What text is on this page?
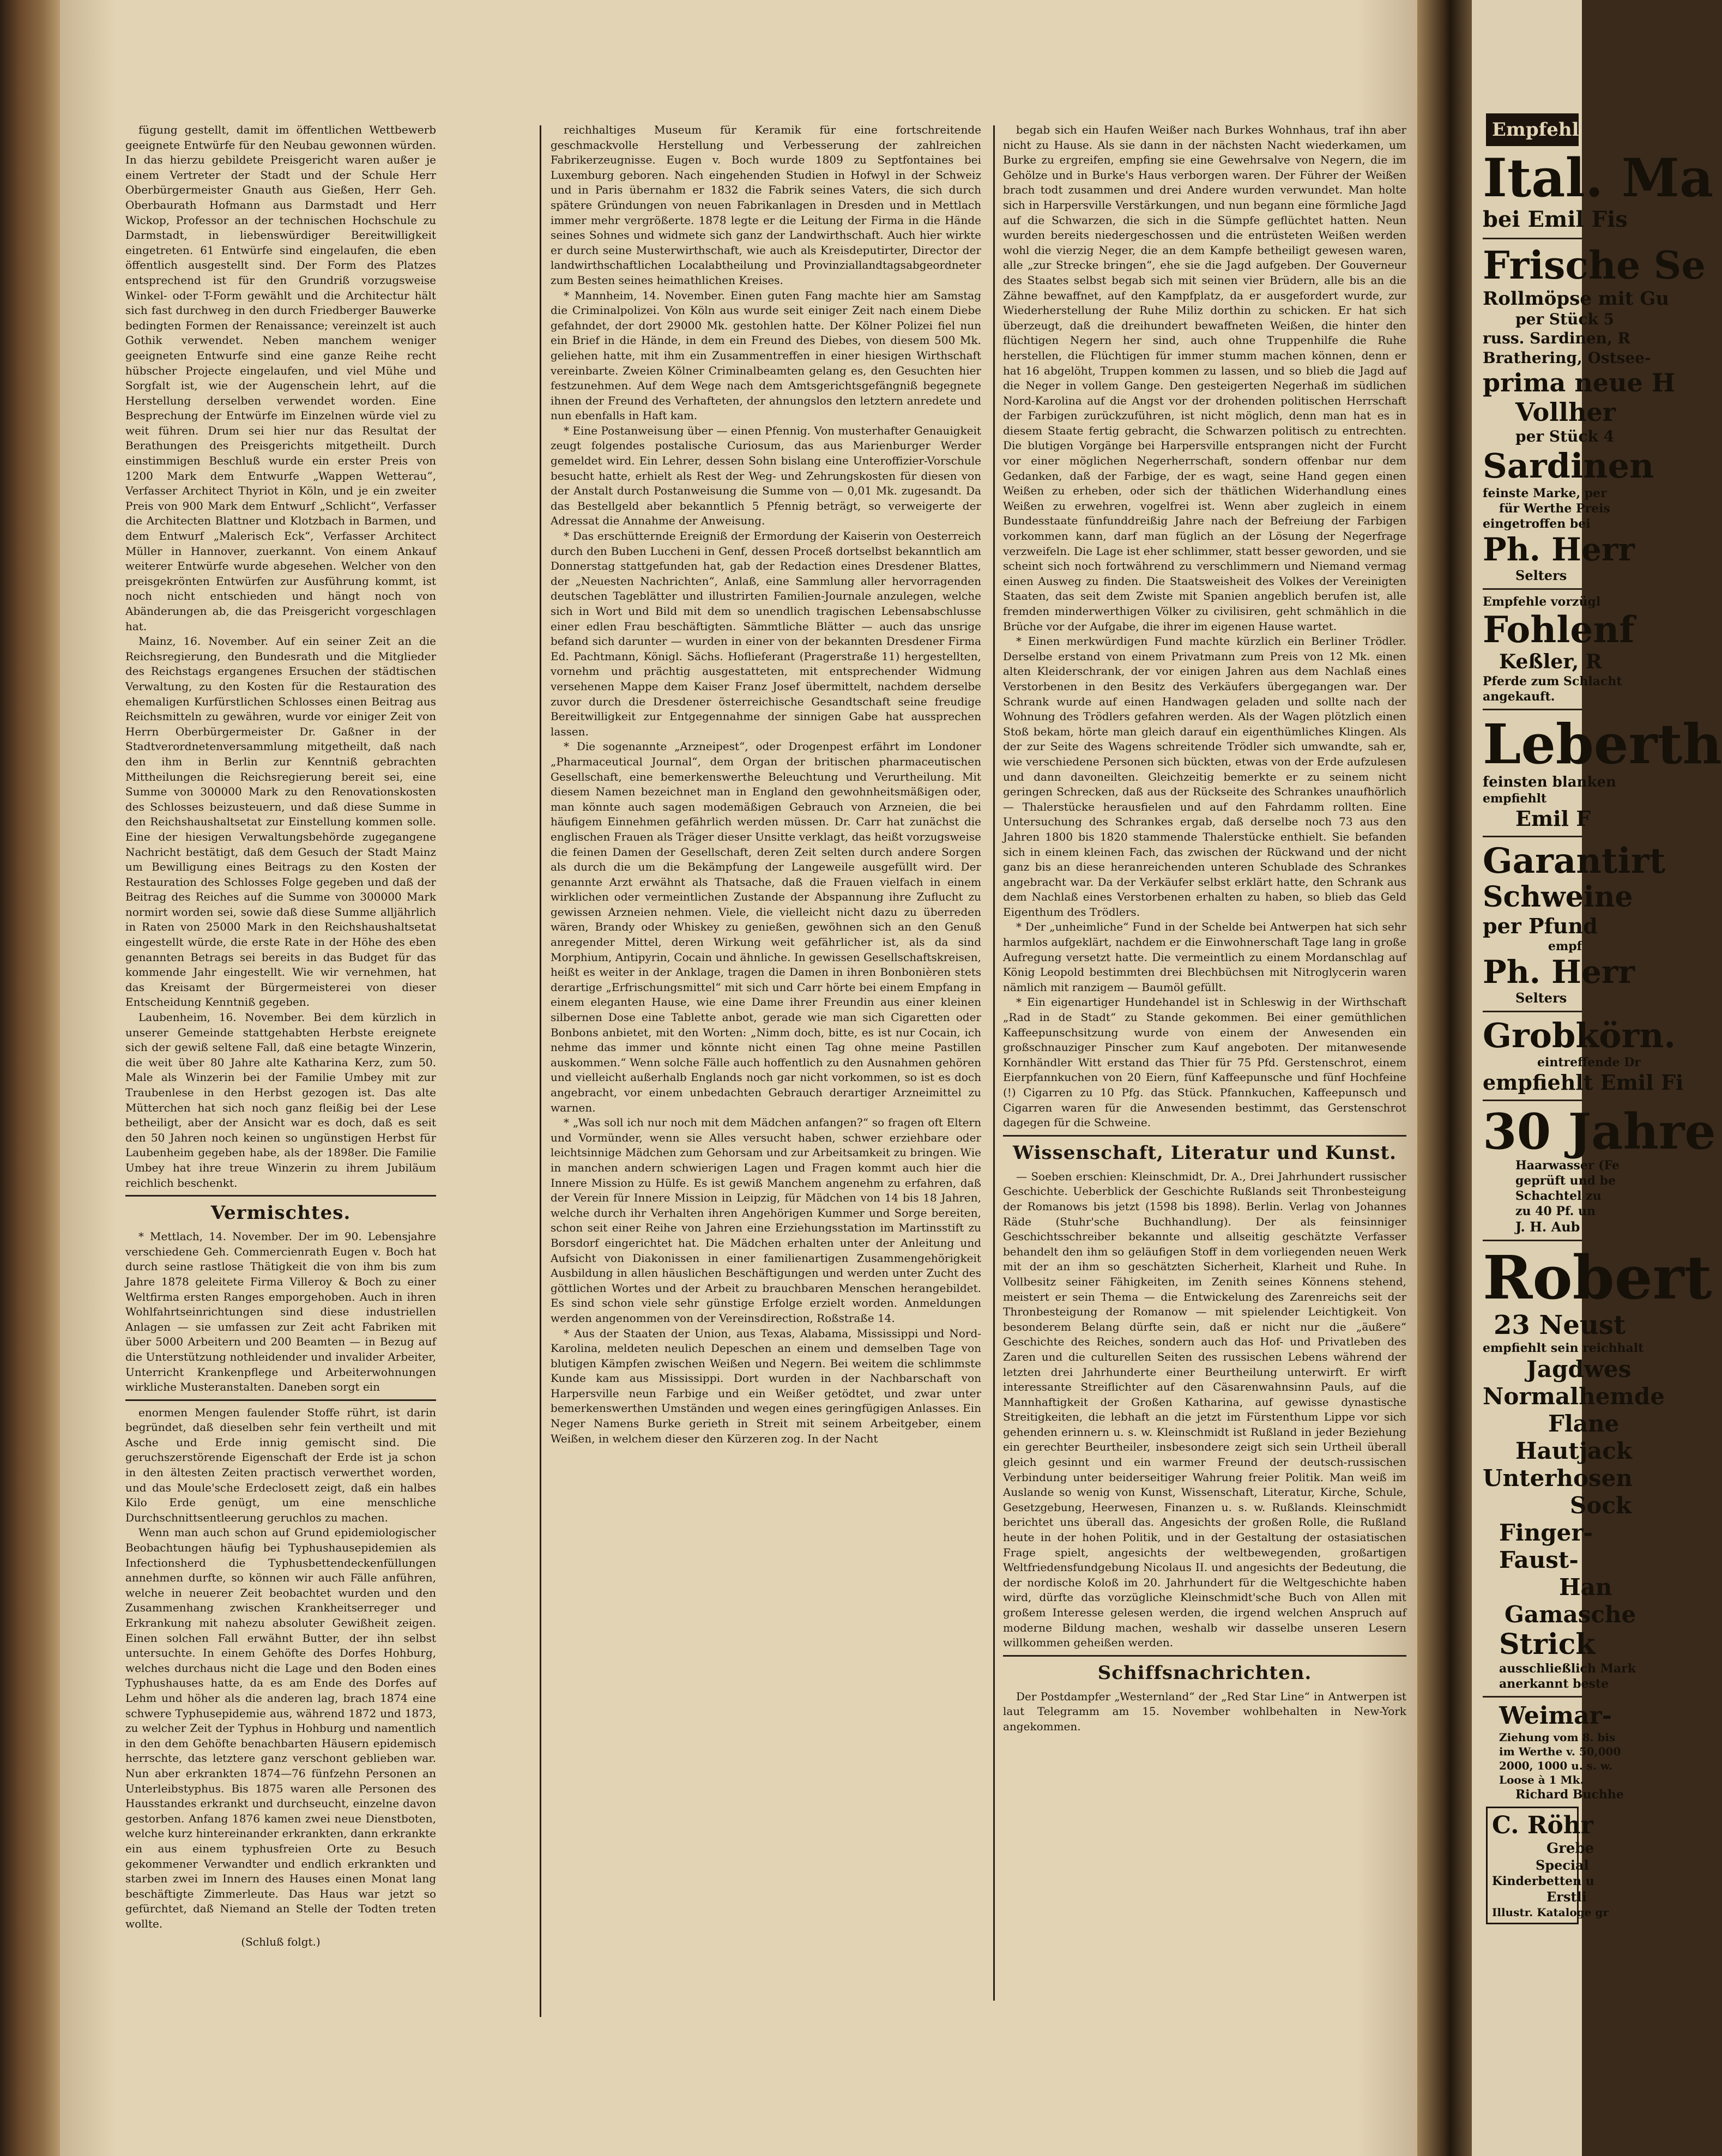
fügung gestellt, damit im öffentlichen Wettbewerb geeignete Entwürfe für den Neubau gewonnen würden. In das hierzu gebildete Preisgericht waren außer je einem Vertreter der Stadt und der Schule Herr Oberbürgermeister Gnauth aus Gießen, Herr Geh. Oberbaurath Hofmann aus Darmstadt und Herr Wickop, Professor an der technischen Hochschule zu Darmstadt, in liebenswürdiger Bereitwilligkeit eingetreten. 61 Entwürfe sind eingelaufen, die eben öffentlich ausgestellt sind. Der Form des Platzes entsprechend ist für den Grundriß vorzugsweise Winkel- oder T-Form gewählt und die Architectur hält sich fast durchweg in den durch Friedberger Bauwerke bedingten Formen der Renaissance; vereinzelt ist auch Gothik verwendet. Neben manchem weniger geeigneten Entwurfe sind eine ganze Reihe recht hübscher Projecte eingelaufen, und viel Mühe und Sorgfalt ist, wie der Augenschein lehrt, auf die Herstellung derselben verwendet worden. Eine Besprechung der Entwürfe im Einzelnen würde viel zu weit führen. Drum sei hier nur das Resultat der Berathungen des Preisgerichts mitgetheilt. Durch einstimmigen Beschluß wurde ein erster Preis von 1200 Mark dem Entwurfe „Wappen Wetterau“, Verfasser Architect Thyriot in Köln, und je ein zweiter Preis von 900 Mark dem Entwurf „Schlicht“, Verfasser die Architecten Blattner und Klotzbach in Barmen, und dem Entwurf „Malerisch Eck“, Verfasser Architect Müller in Hannover, zuerkannt. Von einem Ankauf weiterer Entwürfe wurde abgesehen. Welcher von den preisgekrönten Entwürfen zur Ausführung kommt, ist noch nicht entschieden und hängt noch von Abänderungen ab, die das Preisgericht vorgeschlagen hat.

Mainz, 16. November. Auf ein seiner Zeit an die Reichsregierung, den Bundesrath und die Mitglieder des Reichstags ergangenes Ersuchen der städtischen Verwaltung, zu den Kosten für die Restauration des ehemaligen Kurfürstlichen Schlosses einen Beitrag aus Reichsmitteln zu gewähren, wurde vor einiger Zeit von Herrn Oberbürgermeister Dr. Gaßner in der Stadtverordnetenversammlung mitgetheilt, daß nach den ihm in Berlin zur Kenntniß gebrachten Mittheilungen die Reichsregierung bereit sei, eine Summe von 300000 Mark zu den Renovationskosten des Schlosses beizusteuern, und daß diese Summe in den Reichshaushaltsetat zur Einstellung kommen solle. Eine der hiesigen Verwaltungsbehörde zugegangene Nachricht bestätigt, daß dem Gesuch der Stadt Mainz um Bewilligung eines Beitrags zu den Kosten der Restauration des Schlosses Folge gegeben und daß der Beitrag des Reiches auf die Summe von 300000 Mark normirt worden sei, sowie daß diese Summe alljährlich in Raten von 25000 Mark in den Reichshaushaltsetat eingestellt würde, die erste Rate in der Höhe des eben genannten Betrags sei bereits in das Budget für das kommende Jahr eingestellt. Wie wir vernehmen, hat das Kreisamt der Bürgermeisterei von dieser Entscheidung Kenntniß gegeben.

Laubenheim, 16. November. Bei dem kürzlich in unserer Gemeinde stattgehabten Herbste ereignete sich der gewiß seltene Fall, daß eine betagte Winzerin, die weit über 80 Jahre alte Katharina Kerz, zum 50. Male als Winzerin bei der Familie Umbey mit zur Traubenlese in den Herbst gezogen ist. Das alte Mütterchen hat sich noch ganz fleißig bei der Lese betheiligt, aber der Ansicht war es doch, daß es seit den 50 Jahren noch keinen so ungünstigen Herbst für Laubenheim gegeben habe, als der 1898er. Die Familie Umbey hat ihre treue Winzerin zu ihrem Jubiläum reichlich beschenkt.

Vermischtes.

* Mettlach, 14. November. Der im 90. Lebensjahre verschiedene Geh. Commercienrath Eugen v. Boch hat durch seine rastlose Thätigkeit die von ihm bis zum Jahre 1878 geleitete Firma Villeroy & Boch zu einer Weltfirma ersten Ranges emporgehoben. Auch in ihren Wohlfahrtseinrichtungen sind diese industriellen Anlagen — sie umfassen zur Zeit acht Fabriken mit über 5000 Arbeitern und 200 Beamten — in Bezug auf die Unterstützung nothleidender und invalider Arbeiter, Unterricht Krankenpflege und Arbeiterwohnungen wirkliche Musteranstalten. Daneben sorgt ein

enormen Mengen faulender Stoffe rührt, ist darin begründet, daß dieselben sehr fein vertheilt und mit Asche und Erde innig gemischt sind. Die geruchszerstörende Eigenschaft der Erde ist ja schon in den ältesten Zeiten practisch verwerthet worden, und das Moule'sche Erdeclosett zeigt, daß ein halbes Kilo Erde genügt, um eine menschliche Durchschnittsentleerung geruchlos zu machen.

Wenn man auch schon auf Grund epidemiologischer Beobachtungen häufig bei Typhushausepidemien als Infectionsherd die Typhusbettendeckenfüllungen annehmen durfte, so können wir auch Fälle anführen, welche in neuerer Zeit beobachtet wurden und den Zusammenhang zwischen Krankheitserreger und Erkrankung mit nahezu absoluter Gewißheit zeigen. Einen solchen Fall erwähnt Butter, der ihn selbst untersuchte. In einem Gehöfte des Dorfes Hohburg, welches durchaus nicht die Lage und den Boden eines Typhushauses hatte, da es am Ende des Dorfes auf Lehm und höher als die anderen lag, brach 1874 eine schwere Typhusepidemie aus, während 1872 und 1873, zu welcher Zeit der Typhus in Hohburg und namentlich in den dem Gehöfte benachbarten Häusern epidemisch herrschte, das letztere ganz verschont geblieben war. Nun aber erkrankten 1874—76 fünfzehn Personen an Unterleibstyphus. Bis 1875 waren alle Personen des Hausstandes erkrankt und durchseucht, einzelne davon gestorben. Anfang 1876 kamen zwei neue Dienstboten, welche kurz hintereinander erkrankten, dann erkrankte ein aus einem typhusfreien Orte zu Besuch gekommener Verwandter und endlich erkrankten und starben zwei im Innern des Hauses einen Monat lang beschäftigte Zimmerleute. Das Haus war jetzt so gefürchtet, daß Niemand an Stelle der Todten treten wollte.

(Schluß folgt.)

reichhaltiges Museum für Keramik für eine fortschreitende geschmackvolle Herstellung und Verbesserung der zahlreichen Fabrikerzeugnisse. Eugen v. Boch wurde 1809 zu Septfontaines bei Luxemburg geboren. Nach eingehenden Studien in Hofwyl in der Schweiz und in Paris übernahm er 1832 die Fabrik seines Vaters, die sich durch spätere Gründungen von neuen Fabrikanlagen in Dresden und in Mettlach immer mehr vergrößerte. 1878 legte er die Leitung der Firma in die Hände seines Sohnes und widmete sich ganz der Landwirthschaft. Auch hier wirkte er durch seine Musterwirthschaft, wie auch als Kreisdeputirter, Director der landwirthschaftlichen Localabtheilung und Provinziallandtagsabgeordneter zum Besten seines heimathlichen Kreises.

* Mannheim, 14. November. Einen guten Fang machte hier am Samstag die Criminalpolizei. Von Köln aus wurde seit einiger Zeit nach einem Diebe gefahndet, der dort 29000 Mk. gestohlen hatte. Der Kölner Polizei fiel nun ein Brief in die Hände, in dem ein Freund des Diebes, von diesem 500 Mk. geliehen hatte, mit ihm ein Zusammentreffen in einer hiesigen Wirthschaft vereinbarte. Zweien Kölner Criminalbeamten gelang es, den Gesuchten hier festzunehmen. Auf dem Wege nach dem Amtsgerichtsgefängniß begegnete ihnen der Freund des Verhafteten, der ahnungslos den letztern anredete und nun ebenfalls in Haft kam.

* Eine Postanweisung über — einen Pfennig. Von musterhafter Genauigkeit zeugt folgendes postalische Curiosum, das aus Marienburger Werder gemeldet wird. Ein Lehrer, dessen Sohn bislang eine Unteroffizier-Vorschule besucht hatte, erhielt als Rest der Weg- und Zehrungskosten für diesen von der Anstalt durch Postanweisung die Summe von — 0,01 Mk. zugesandt. Da das Bestellgeld aber bekanntlich 5 Pfennig beträgt, so verweigerte der Adressat die Annahme der Anweisung.

* Das erschütternde Ereigniß der Ermordung der Kaiserin von Oesterreich durch den Buben Luccheni in Genf, dessen Proceß dortselbst bekanntlich am Donnerstag stattgefunden hat, gab der Redaction eines Dresdener Blattes, der „Neuesten Nachrichten“, Anlaß, eine Sammlung aller hervorragenden deutschen Tageblätter und illustrirten Familien-Journale anzulegen, welche sich in Wort und Bild mit dem so unendlich tragischen Lebensabschlusse einer edlen Frau beschäftigten. Sämmtliche Blätter — auch das unsrige befand sich darunter — wurden in einer von der bekannten Dresdener Firma Ed. Pachtmann, Königl. Sächs. Hoflieferant (Pragerstraße 11) hergestellten, vornehm und prächtig ausgestatteten, mit entsprechender Widmung versehenen Mappe dem Kaiser Franz Josef übermittelt, nachdem derselbe zuvor durch die Dresdener österreichische Gesandtschaft seine freudige Bereitwilligkeit zur Entgegennahme der sinnigen Gabe hat aussprechen lassen.

* Die sogenannte „Arzneipest“, oder Drogenpest erfährt im Londoner „Pharmaceutical Journal“, dem Organ der britischen pharmaceutischen Gesellschaft, eine bemerkenswerthe Beleuchtung und Verurtheilung. Mit diesem Namen bezeichnet man in England den gewohnheitsmäßigen oder, man könnte auch sagen modemäßigen Gebrauch von Arzneien, die bei häufigem Einnehmen gefährlich werden müssen. Dr. Carr hat zunächst die englischen Frauen als Träger dieser Unsitte verklagt, das heißt vorzugsweise die feinen Damen der Gesellschaft, deren Zeit selten durch andere Sorgen als durch die um die Bekämpfung der Langeweile ausgefüllt wird. Der genannte Arzt erwähnt als Thatsache, daß die Frauen vielfach in einem wirklichen oder vermeintlichen Zustande der Abspannung ihre Zuflucht zu gewissen Arzneien nehmen. Viele, die vielleicht nicht dazu zu überreden wären, Brandy oder Whiskey zu genießen, gewöhnen sich an den Genuß anregender Mittel, deren Wirkung weit gefährlicher ist, als da sind Morphium, Antipyrin, Cocain und ähnliche. In gewissen Gesellschaftskreisen, heißt es weiter in der Anklage, tragen die Damen in ihren Bonbonièren stets derartige „Erfrischungsmittel“ mit sich und Carr hörte bei einem Empfang in einem eleganten Hause, wie eine Dame ihrer Freundin aus einer kleinen silbernen Dose eine Tablette anbot, gerade wie man sich Cigaretten oder Bonbons anbietet, mit den Worten: „Nimm doch, bitte, es ist nur Cocain, ich nehme das immer und könnte nicht einen Tag ohne meine Pastillen auskommen.“ Wenn solche Fälle auch hoffentlich zu den Ausnahmen gehören und vielleicht außerhalb Englands noch gar nicht vorkommen, so ist es doch angebracht, vor einem unbedachten Gebrauch derartiger Arzneimittel zu warnen.

* „Was soll ich nur noch mit dem Mädchen anfangen?“ so fragen oft Eltern und Vormünder, wenn sie Alles versucht haben, schwer erziehbare oder leichtsinnige Mädchen zum Gehorsam und zur Arbeitsamkeit zu bringen. Wie in manchen andern schwierigen Lagen und Fragen kommt auch hier die Innere Mission zu Hülfe. Es ist gewiß Manchem angenehm zu erfahren, daß der Verein für Innere Mission in Leipzig, für Mädchen von 14 bis 18 Jahren, welche durch ihr Verhalten ihren Angehörigen Kummer und Sorge bereiten, schon seit einer Reihe von Jahren eine Erziehungsstation im Martinsstift zu Borsdorf eingerichtet hat. Die Mädchen erhalten unter der Anleitung und Aufsicht von Diakonissen in einer familienartigen Zusammengehörigkeit Ausbildung in allen häuslichen Beschäftigungen und werden unter Zucht des göttlichen Wortes und der Arbeit zu brauchbaren Menschen herangebildet. Es sind schon viele sehr günstige Erfolge erzielt worden. Anmeldungen werden angenommen von der Vereinsdirection, Roßstraße 14.

* Aus der Staaten der Union, aus Texas, Alabama, Mississippi und Nord-Karolina, meldeten neulich Depeschen an einem und demselben Tage von blutigen Kämpfen zwischen Weißen und Negern. Bei weitem die schlimmste Kunde kam aus Mississippi. Dort wurden in der Nachbarschaft von Harpersville neun Farbige und ein Weißer getödtet, und zwar unter bemerkenswerthen Umständen und wegen eines geringfügigen Anlasses. Ein Neger Namens Burke gerieth in Streit mit seinem Arbeitgeber, einem Weißen, in welchem dieser den Kürzeren zog. In der Nacht

begab sich ein Haufen Weißer nach Burkes Wohnhaus, traf ihn aber nicht zu Hause. Als sie dann in der nächsten Nacht wiederkamen, um Burke zu ergreifen, empfing sie eine Gewehrsalve von Negern, die im Gehölze und in Burke's Haus verborgen waren. Der Führer der Weißen brach todt zusammen und drei Andere wurden verwundet. Man holte sich in Harpersville Verstärkungen, und nun begann eine förmliche Jagd auf die Schwarzen, die sich in die Sümpfe geflüchtet hatten. Neun wurden bereits niedergeschossen und die entrüsteten Weißen werden wohl die vierzig Neger, die an dem Kampfe betheiligt gewesen waren, alle „zur Strecke bringen“, ehe sie die Jagd aufgeben. Der Gouverneur des Staates selbst begab sich mit seinen vier Brüdern, alle bis an die Zähne bewaffnet, auf den Kampfplatz, da er ausgefordert wurde, zur Wiederherstellung der Ruhe Miliz dorthin zu schicken. Er hat sich überzeugt, daß die dreihundert bewaffneten Weißen, die hinter den flüchtigen Negern her sind, auch ohne Truppenhilfe die Ruhe herstellen, die Flüchtigen für immer stumm machen können, denn er hat 16 abgelöht, Truppen kommen zu lassen, und so blieb die Jagd auf die Neger in vollem Gange. Den gesteigerten Negerhaß im südlichen Nord-Karolina auf die Angst vor der drohenden politischen Herrschaft der Farbigen zurückzuführen, ist nicht möglich, denn man hat es in diesem Staate fertig gebracht, die Schwarzen politisch zu entrechten. Die blutigen Vorgänge bei Harpersville entsprangen nicht der Furcht vor einer möglichen Negerherrschaft, sondern offenbar nur dem Gedanken, daß der Farbige, der es wagt, seine Hand gegen einen Weißen zu erheben, oder sich der thätlichen Widerhandlung eines Weißen zu erwehren, vogelfrei ist. Wenn aber zugleich in einem Bundesstaate fünfunddreißig Jahre nach der Befreiung der Farbigen vorkommen kann, darf man füglich an der Lösung der Negerfrage verzweifeln. Die Lage ist eher schlimmer, statt besser geworden, und sie scheint sich noch fortwährend zu verschlimmern und Niemand vermag einen Ausweg zu finden. Die Staatsweisheit des Volkes der Vereinigten Staaten, das seit dem Zwiste mit Spanien angeblich berufen ist, alle fremden minderwerthigen Völker zu civilisiren, geht schmählich in die Brüche vor der Aufgabe, die ihrer im eigenen Hause wartet.

* Einen merkwürdigen Fund machte kürzlich ein Berliner Trödler. Derselbe erstand von einem Privatmann zum Preis von 12 Mk. einen alten Kleiderschrank, der vor einigen Jahren aus dem Nachlaß eines Verstorbenen in den Besitz des Verkäufers übergegangen war. Der Schrank wurde auf einen Handwagen geladen und sollte nach der Wohnung des Trödlers gefahren werden. Als der Wagen plötzlich einen Stoß bekam, hörte man gleich darauf ein eigenthümliches Klingen. Als der zur Seite des Wagens schreitende Trödler sich umwandte, sah er, wie verschiedene Personen sich bückten, etwas von der Erde aufzulesen und dann davoneilten. Gleichzeitig bemerkte er zu seinem nicht geringen Schrecken, daß aus der Rückseite des Schrankes unaufhörlich — Thalerstücke herausfielen und auf den Fahrdamm rollten. Eine Untersuchung des Schrankes ergab, daß derselbe noch 73 aus den Jahren 1800 bis 1820 stammende Thalerstücke enthielt. Sie befanden sich in einem kleinen Fach, das zwischen der Rückwand und der nicht ganz bis an diese heranreichenden unteren Schublade des Schrankes angebracht war. Da der Verkäufer selbst erklärt hatte, den Schrank aus dem Nachlaß eines Verstorbenen erhalten zu haben, so blieb das Geld Eigenthum des Trödlers.

* Der „unheimliche“ Fund in der Schelde bei Antwerpen hat sich sehr harmlos aufgeklärt, nachdem er die Einwohnerschaft Tage lang in große Aufregung versetzt hatte. Die vermeintlich zu einem Mordanschlag auf König Leopold bestimmten drei Blechbüchsen mit Nitroglycerin waren nämlich mit ranzigem — Baumöl gefüllt.

* Ein eigenartiger Hundehandel ist in Schleswig in der Wirthschaft „Rad in de Stadt“ zu Stande gekommen. Bei einer gemüthlichen Kaffeepunschsitzung wurde von einem der Anwesenden ein großschnauziger Pinscher zum Kauf angeboten. Der mitanwesende Kornhändler Witt erstand das Thier für 75 Pfd. Gerstenschrot, einem Eierpfannkuchen von 20 Eiern, fünf Kaffeepunsche und fünf Hochfeine (!) Cigarren zu 10 Pfg. das Stück. Pfannkuchen, Kaffeepunsch und Cigarren waren für die Anwesenden bestimmt, das Gerstenschrot dagegen für die Schweine.

Wissenschaft, Literatur und Kunst.

— Soeben erschien: Kleinschmidt, Dr. A., Drei Jahrhundert russischer Geschichte. Ueberblick der Geschichte Rußlands seit Thronbesteigung der Romanows bis jetzt (1598 bis 1898). Berlin. Verlag von Johannes Räde (Stuhr'sche Buchhandlung). Der als feinsinniger Geschichtsschreiber bekannte und allseitig geschätzte Verfasser behandelt den ihm so geläufigen Stoff in dem vorliegenden neuen Werk mit der an ihm so geschätzten Sicherheit, Klarheit und Ruhe. In Vollbesitz seiner Fähigkeiten, im Zenith seines Könnens stehend, meistert er sein Thema — die Entwickelung des Zarenreichs seit der Thronbesteigung der Romanow — mit spielender Leichtigkeit. Von besonderem Belang dürfte sein, daß er nicht nur die „äußere“ Geschichte des Reiches, sondern auch das Hof- und Privatleben des Zaren und die culturellen Seiten des russischen Lebens während der letzten drei Jahrhunderte einer Beurtheilung unterwirft. Er wirft interessante Streiflichter auf den Cäsarenwahnsinn Pauls, auf die Mannhaftigkeit der Großen Katharina, auf gewisse dynastische Streitigkeiten, die lebhaft an die jetzt im Fürstenthum Lippe vor sich gehenden erinnern u. s. w. Kleinschmidt ist Rußland in jeder Beziehung ein gerechter Beurtheiler, insbesondere zeigt sich sein Urtheil überall gleich gesinnt und ein warmer Freund der deutsch-russischen Verbindung unter beiderseitiger Wahrung freier Politik. Man weiß im Auslande so wenig von Kunst, Wissenschaft, Literatur, Kirche, Schule, Gesetzgebung, Heerwesen, Finanzen u. s. w. Rußlands. Kleinschmidt berichtet uns überall das. Angesichts der großen Rolle, die Rußland heute in der hohen Politik, und in der Gestaltung der ostasiatischen Frage spielt, angesichts der weltbewegenden, großartigen Weltfriedensfundgebung Nicolaus II. und angesichts der Bedeutung, die der nordische Koloß im 20. Jahrhundert für die Weltgeschichte haben wird, dürfte das vorzügliche Kleinschmidt'sche Buch von Allen mit großem Interesse gelesen werden, die irgend welchen Anspruch auf moderne Bildung machen, weshalb wir dasselbe unseren Lesern willkommen geheißen werden.

Schiffsnachrichten.

Der Postdampfer „Westernland“ der „Red Star Line“ in Antwerpen ist laut Telegramm am 15. November wohlbehalten in New-York angekommen.

Empfehl

Ital. Ma

bei Emil Fis

Frische Se

Rollmöpse mit Gu

per Stück 5

russ. Sardinen, R

Brathering, Ostsee-

prima neue H

Vollher

per Stück 4

Sardinen

feinste Marke, per

für Werthe Preis

eingetroffen bei

Ph. Herr

Selters

Empfehle vorzügl

Fohlenf

Keßler, R

Pferde zum Schlacht

angekauft.

Leberth

feinsten blanken

empfiehlt

Emil F

Garantirt

Schweine

per Pfund

empf

Ph. Herr

Selters

Grobkörn.

eintreffende Dr

empfiehlt Emil Fi

30 Jahre

Haarwasser (Fe

geprüft und be

Schachtel zu

zu 40 Pf. un

J. H. Aub

Robert

23 Neust

empfiehlt sein reichhalt

Jagdwes

Normalhemde

Flane

Hautjack

Unterhosen

Sock

Finger-

Faust-

Han

Gamasche

Strick

ausschließlich Mark

anerkannt beste

Weimar-

Ziehung vom 8. bis

im Werthe v. 50,000

2000, 1000 u. s. w.

Loose à 1 Mk.

Richard Buchhe

C. Röhr

Grebe

Special

Kinderbetten u

Erstli

Illustr. Kataloge gr
